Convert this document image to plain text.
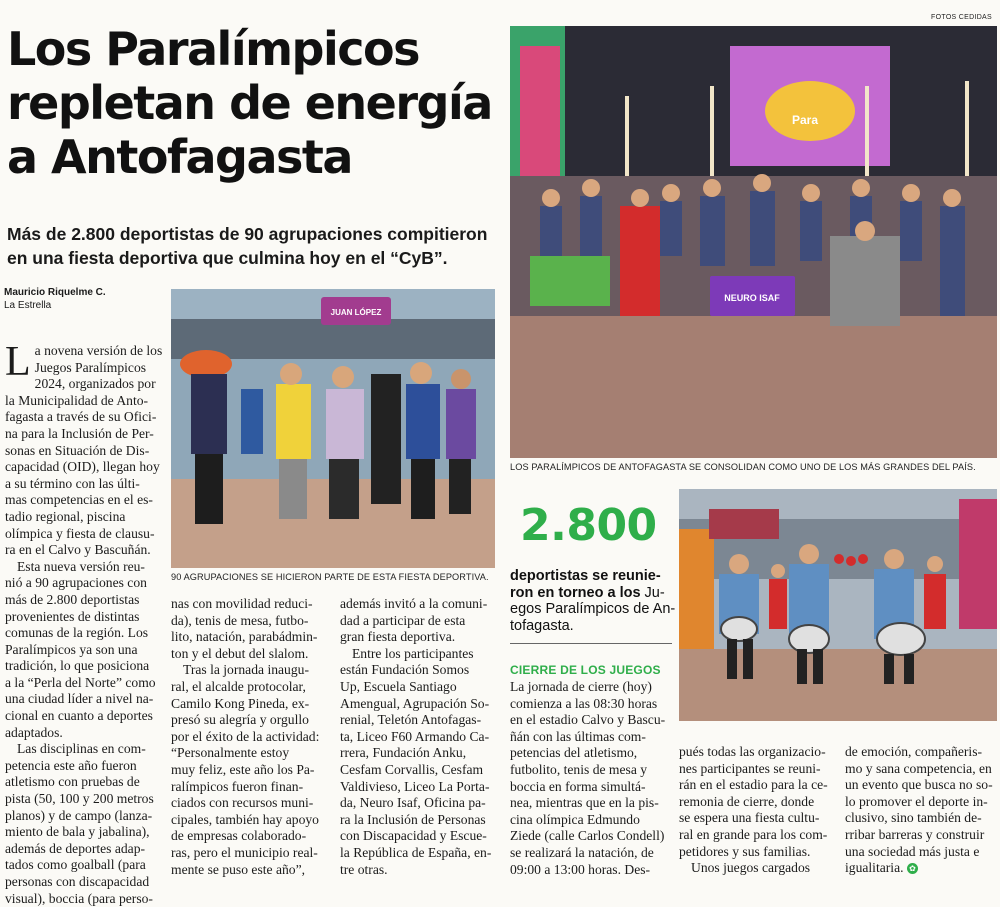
FOTOS CEDIDAS
Los Paralímpicos
repletan de energía
a Antofagasta
Más de 2.800 deportistas de 90 agrupaciones compitieron
en una fiesta deportiva que culmina hoy en el “CyB”.
Mauricio Riquelme C.
La Estrella
L a novena versión de los
Juegos Paralímpicos
2024, organizados por
la Municipalidad de Anto-
fagasta a través de su Ofici-
na para la Inclusión de Per-
sonas en Situación de Dis-
capacidad (OID), llegan hoy
a su término con las últi-
mas competencias en el es-
tadio regional, piscina
olímpica y fiesta de clausu-
ra en el Calvo y Bascuñán.
Esta nueva versión reu-
nió a 90 agrupaciones con
más de 2.800 deportistas
provenientes de distintas
comunas de la región. Los
Paralímpicos ya son una
tradición, lo que posiciona
a la “Perla del Norte” como
una ciudad líder a nivel na-
cional en cuanto a deportes
adaptados.
Las disciplinas en com-
petencia este año fueron
atletismo con pruebas de
pista (50, 100 y 200 metros
planos) y de campo (lanza-
miento de bala y jabalina),
además de deportes adap-
tados como goalball (para
personas con discapacidad
visual), boccia (para perso-
JUAN LÓPEZ
90 AGRUPACIONES SE HICIERON PARTE DE ESTA FIESTA DEPORTIVA.
nas con movilidad reduci-
da), tenis de mesa, futbo-
lito, natación, parabádmin-
ton y el debut del slalom.
Tras la jornada inaugu-
ral, el alcalde protocolar,
Camilo Kong Pineda, ex-
presó su alegría y orgullo
por el éxito de la actividad:
“Personalmente estoy
muy feliz, este año los Pa-
ralímpicos fueron finan-
ciados con recursos muni-
cipales, también hay apoyo
de empresas colaborado-
ras, pero el municipio real-
mente se puso este año”,
además invitó a la comuni-
dad a participar de esta
gran fiesta deportiva.
Entre los participantes
están Fundación Somos
Up, Escuela Santiago
Amengual, Agrupación So-
renial, Teletón Antofagas-
ta, Liceo F60 Armando Ca-
rrera, Fundación Anku,
Cesfam Corvallis, Cesfam
Valdivieso, Liceo La Porta-
da, Neuro Isaf, Oficina pa-
ra la Inclusión de Personas
con Discapacidad y Escue-
la República de España, en-
tre otras.
Para
NEURO ISAF
LOS PARALÍMPICOS DE ANTOFAGASTA SE CONSOLIDAN COMO UNO DE LOS MÁS GRANDES DEL PAÍS.
2.800
deportistas se reunie-
ron en torneo a los Ju-
egos Paralímpicos de An-
tofagasta.
CIERRE DE LOS JUEGOS
La jornada de cierre (hoy)
comienza a las 08:30 horas
en el estadio Calvo y Bascu-
ñán con las últimas com-
petencias del atletismo,
futbolito, tenis de mesa y
boccia en forma simultá-
nea, mientras que en la pis-
cina olímpica Edmundo
Ziede (calle Carlos Condell)
se realizará la natación, de
09:00 a 13:00 horas. Des-
pués todas las organizacio-
nes participantes se reuni-
rán en el estadio para la ce-
remonia de cierre, donde
se espera una fiesta cultu-
ral en grande para los com-
petidores y sus familias.
Unos juegos cargados
de emoción, compañeris-
mo y sana competencia, en
un evento que busca no so-
lo promover el deporte in-
clusivo, sino también de-
rribar barreras y construir
una sociedad más justa e
igualitaria. ✿
